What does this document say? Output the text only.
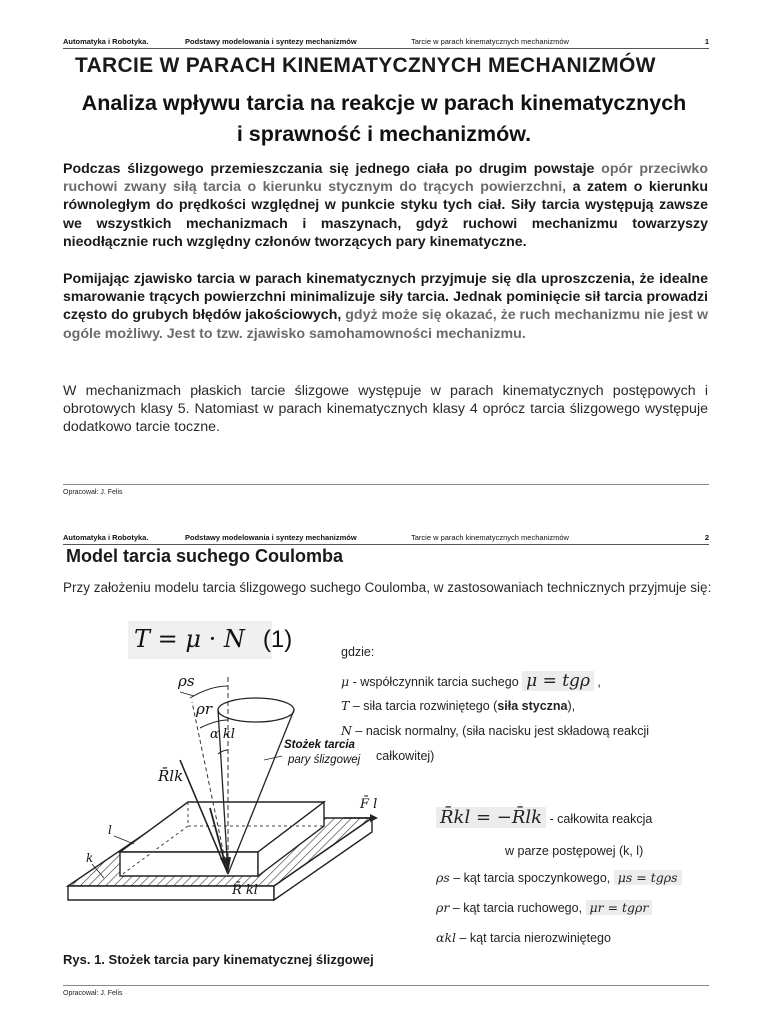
Automatyka i Robotyka.	Podstawy modelowania i syntezy mechanizmów	Tarcie w parach kinematycznych mechanizmów	1
TARCIE W PARACH KINEMATYCZNYCH MECHANIZMÓW
Analiza wpływu tarcia na reakcje w parach kinematycznych
i sprawność i mechanizmów.
Podczas ślizgowego przemieszczania się jednego ciała po drugim powstaje opór przeciwko ruchowi zwany siłą tarcia o kierunku stycznym do trących powierzchni, a zatem o kierunku równoległym do prędkości względnej w punkcie styku tych ciał. Siły tarcia występują zawsze we wszystkich mechanizmach i maszynach, gdyż ruchowi mechanizmu towarzyszy nieodłącznie ruch względny członów tworzących pary kinematyczne.
Pomijając zjawisko tarcia w parach kinematycznych przyjmuje się dla uproszczenia, że idealne smarowanie trących powierzchni minimalizuje siły tarcia. Jednak pominięcie sił tarcia prowadzi często do grubych błędów jakościowych, gdyż może się okazać, że ruch mechanizmu nie jest w ogóle możliwy. Jest to tzw. zjawisko samohamowności mechanizmu.
W mechanizmach płaskich tarcie ślizgowe występuje w parach kinematycznych postępowych i obrotowych klasy 5. Natomiast w parach kinematycznych klasy 4 oprócz tarcia ślizgowego występuje dodatkowo tarcie toczne.
Opracował: J. Felis
Automatyka i Robotyka.	Podstawy modelowania i syntezy mechanizmów	Tarcie w parach kinematycznych mechanizmów	2
Model tarcia suchego Coulomba
Przy założeniu modelu tarcia ślizgowego suchego Coulomba, w zastosowaniach technicznych przyjmuje się:
T = μ · N (1)	gdzie:
μ - współczynnik tarcia suchego μ = tgρ ,
T – siła tarcia rozwiniętego (siła styczna),
N – nacisk normalny, (siła nacisku jest składową reakcji
całkowitej)
R̄kl = −R̄lk - całkowita reakcja
w parze postępowej (k, l)
ρs – kąt tarcia spoczynkowego, μs = tgρs
ρr – kąt tarcia ruchowego, μr = tgρr
αkl – kąt tarcia nierozwiniętego
ρs
ρr
α kl
Stożek tarcia
pary ślizgowej
R̄lk
R̄ kl
F̄ l
l
k
Rys. 1. Stożek tarcia pary kinematycznej ślizgowej
Opracował: J. Felis
